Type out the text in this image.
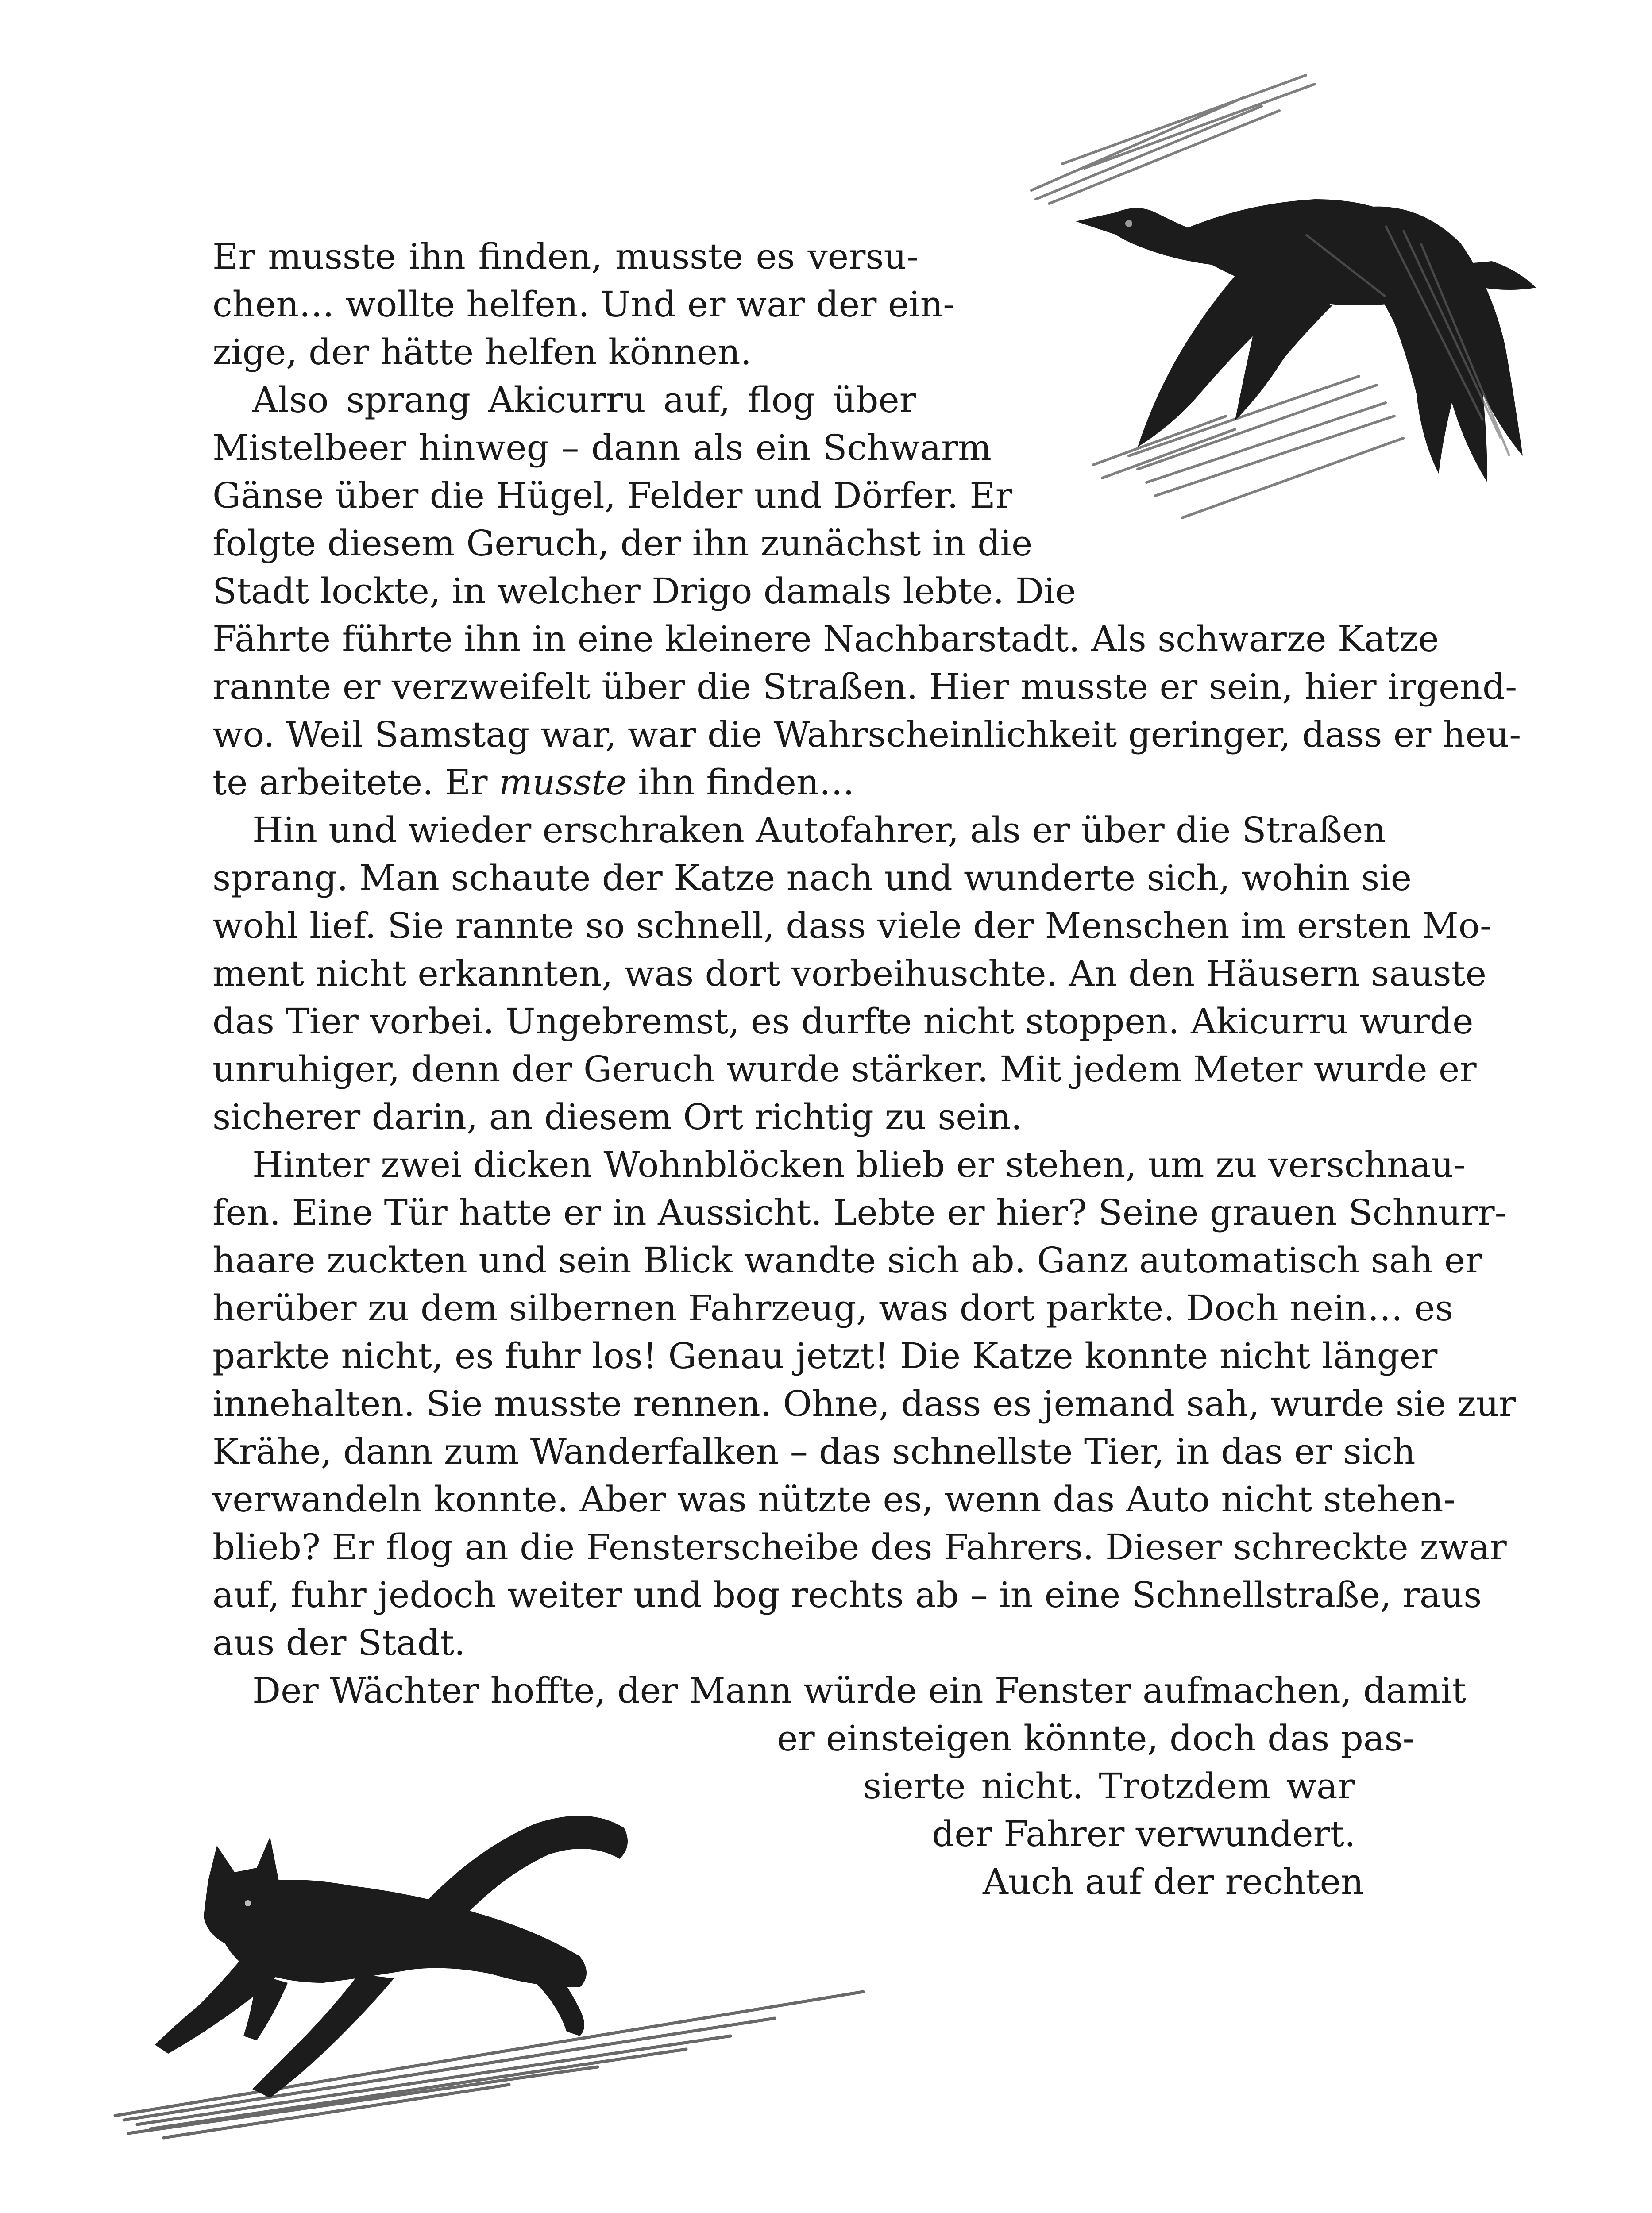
Er musste ihn finden, musste es versu-
chen… wollte helfen. Und er war der ein-
zige, der hätte helfen können.
Also sprang Akicurru auf, flog über
Mistelbeer hinweg – dann als ein Schwarm
Gänse über die Hügel, Felder und Dörfer. Er
folgte diesem Geruch, der ihn zunächst in die
Stadt lockte, in welcher Drigo damals lebte. Die
Fährte führte ihn in eine kleinere Nachbarstadt. Als schwarze Katze
rannte er verzweifelt über die Straßen. Hier musste er sein, hier irgend-
wo. Weil Samstag war, war die Wahrscheinlichkeit geringer, dass er heu-
te arbeitete. Er musste ihn finden…
Hin und wieder erschraken Autofahrer, als er über die Straßen
sprang. Man schaute der Katze nach und wunderte sich, wohin sie
wohl lief. Sie rannte so schnell, dass viele der Menschen im ersten Mo-
ment nicht erkannten, was dort vorbeihuschte. An den Häusern sauste
das Tier vorbei. Ungebremst, es durfte nicht stoppen. Akicurru wurde
unruhiger, denn der Geruch wurde stärker. Mit jedem Meter wurde er
sicherer darin, an diesem Ort richtig zu sein.
Hinter zwei dicken Wohnblöcken blieb er stehen, um zu verschnau-
fen. Eine Tür hatte er in Aussicht. Lebte er hier? Seine grauen Schnurr-
haare zuckten und sein Blick wandte sich ab. Ganz automatisch sah er
herüber zu dem silbernen Fahrzeug, was dort parkte. Doch nein… es
parkte nicht, es fuhr los! Genau jetzt! Die Katze konnte nicht länger
innehalten. Sie musste rennen. Ohne, dass es jemand sah, wurde sie zur
Krähe, dann zum Wanderfalken – das schnellste Tier, in das er sich
verwandeln konnte. Aber was nützte es, wenn das Auto nicht stehen-
blieb? Er flog an die Fensterscheibe des Fahrers. Dieser schreckte zwar
auf, fuhr jedoch weiter und bog rechts ab – in eine Schnellstraße, raus
aus der Stadt.
Der Wächter hoffte, der Mann würde ein Fenster aufmachen, damit
er einsteigen könnte, doch das pas-
sierte nicht. Trotzdem war
der Fahrer verwundert.
Auch auf der rechten
